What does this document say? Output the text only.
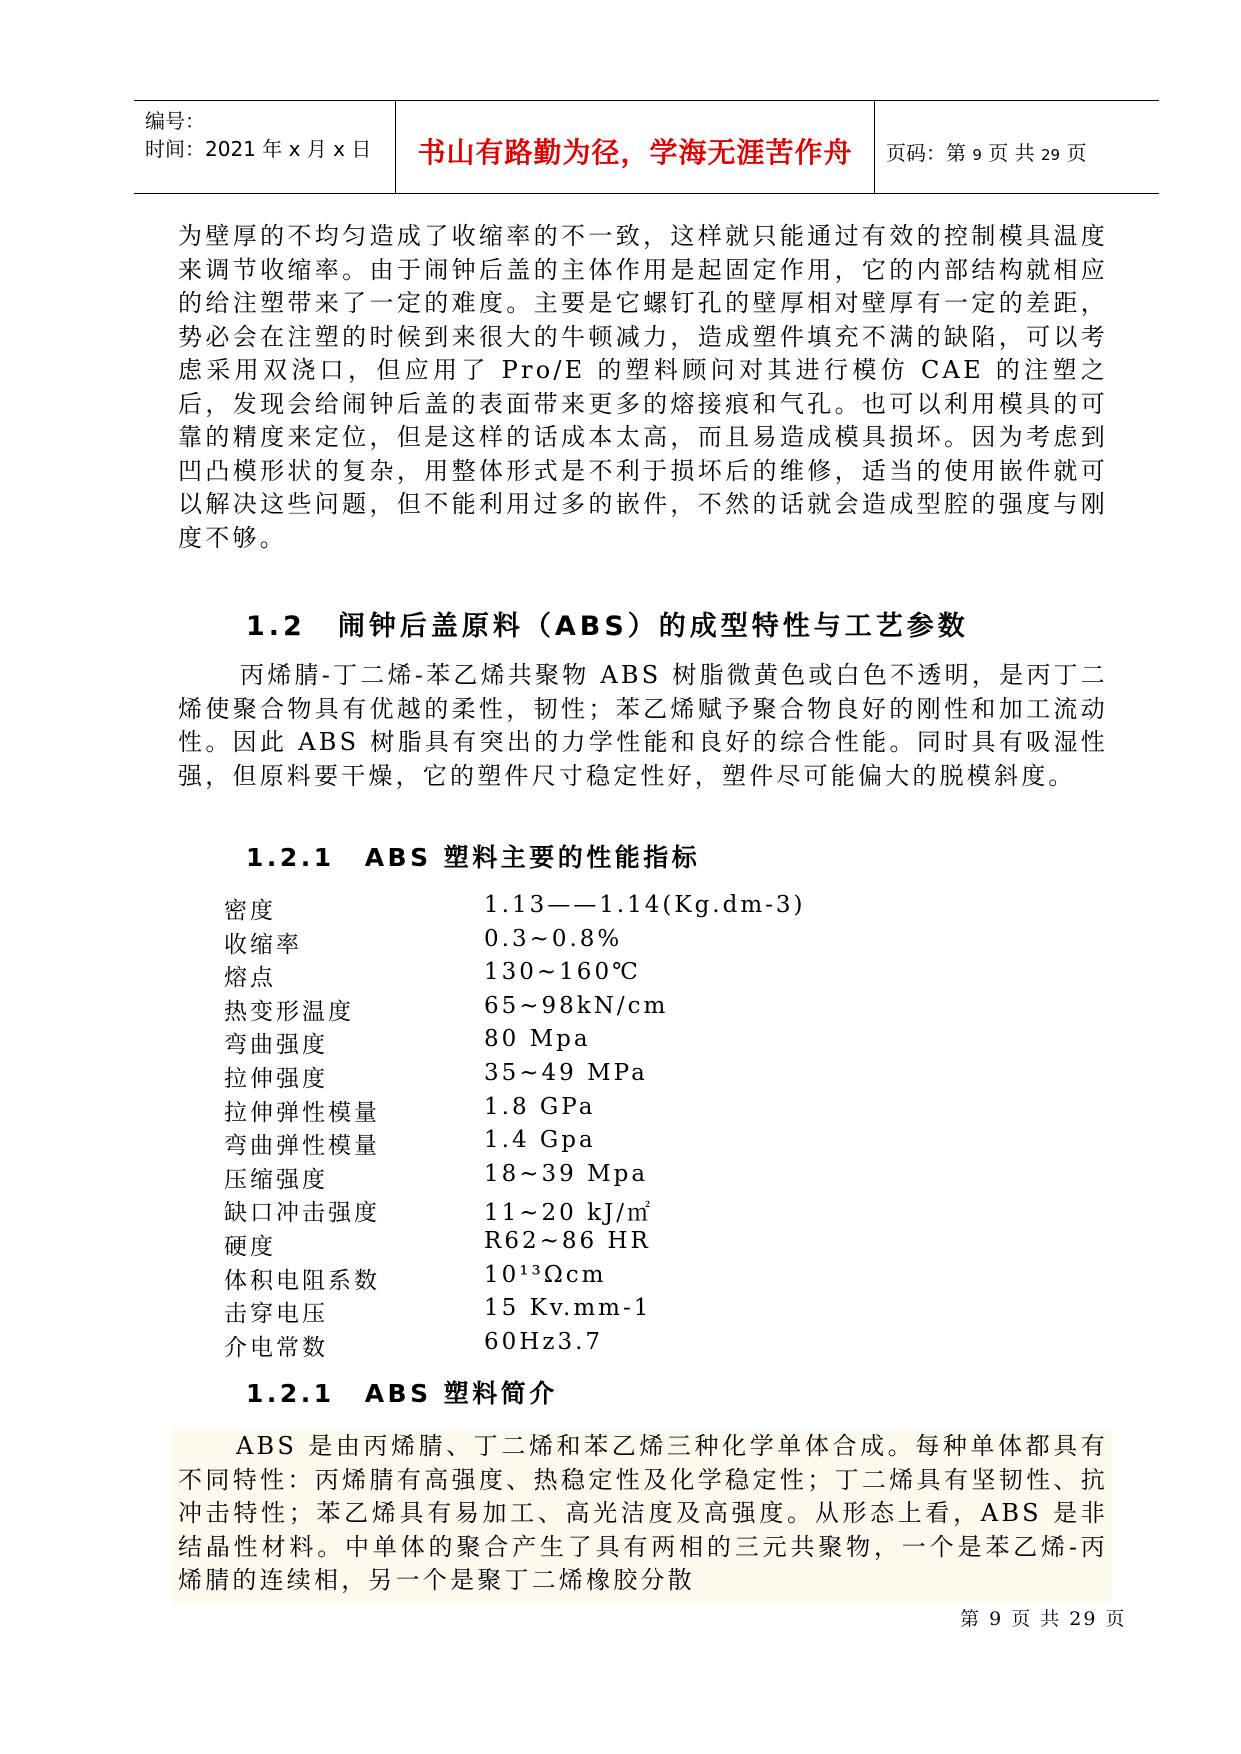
编号：
时间：2021 年 x 月 x 日	书山有路勤为径，学海无涯苦作舟	页码：第 9 页 共 29 页

为壁厚的不均匀造成了收缩率的不一致，这样就只能通过有效的控制模具温度来调节收缩率。由于闹钟后盖的主体作用是起固定作用，它的内部结构就相应的给注塑带来了一定的难度。主要是它螺钉孔的壁厚相对壁厚有一定的差距，势必会在注塑的时候到来很大的牛顿减力，造成塑件填充不满的缺陷，可以考虑采用双浇口，但应用了 Pro/E 的塑料顾问对其进行模仿 CAE 的注塑之后，发现会给闹钟后盖的表面带来更多的熔接痕和气孔。也可以利用模具的可靠的精度来定位，但是这样的话成本太高，而且易造成模具损坏。因为考虑到凹凸模形状的复杂，用整体形式是不利于损坏后的维修，适当的使用嵌件就可以解决这些问题，但不能利用过多的嵌件，不然的话就会造成型腔的强度与刚度不够。

1.2 闹钟后盖原料（ABS）的成型特性与工艺参数

丙烯腈-丁二烯-苯乙烯共聚物 ABS 树脂微黄色或白色不透明，是丙丁二烯使聚合物具有优越的柔性，韧性；苯乙烯赋予聚合物良好的刚性和加工流动性。因此 ABS 树脂具有突出的力学性能和良好的综合性能。同时具有吸湿性强，但原料要干燥，它的塑件尺寸稳定性好，塑件尽可能偏大的脱模斜度。

1.2.1 ABS 塑料主要的性能指标
密度	1.13——1.14(Kg.dm-3)
收缩率	0.3~0.8%
熔点	130~160℃
热变形温度	65~98kN/cm
弯曲强度	80 Mpa
拉伸强度	35~49 MPa
拉伸弹性模量	1.8 GPa
弯曲弹性模量	1.4 Gpa
压缩强度	18~39 Mpa
缺口冲击强度	11~20 kJ/㎡
硬度	R62~86 HR
体积电阻系数	10¹³Ωcm
击穿电压	15 Kv.mm-1
介电常数	60Hz3.7
1.2.1 ABS 塑料简介

ABS 是由丙烯腈、丁二烯和苯乙烯三种化学单体合成。每种单体都具有不同特性：丙烯腈有高强度、热稳定性及化学稳定性；丁二烯具有坚韧性、抗冲击特性；苯乙烯具有易加工、高光洁度及高强度。从形态上看，ABS 是非结晶性材料。中单体的聚合产生了具有两相的三元共聚物，一个是苯乙烯-丙烯腈的连续相，另一个是聚丁二烯橡胶分散

第 9 页 共 29 页
